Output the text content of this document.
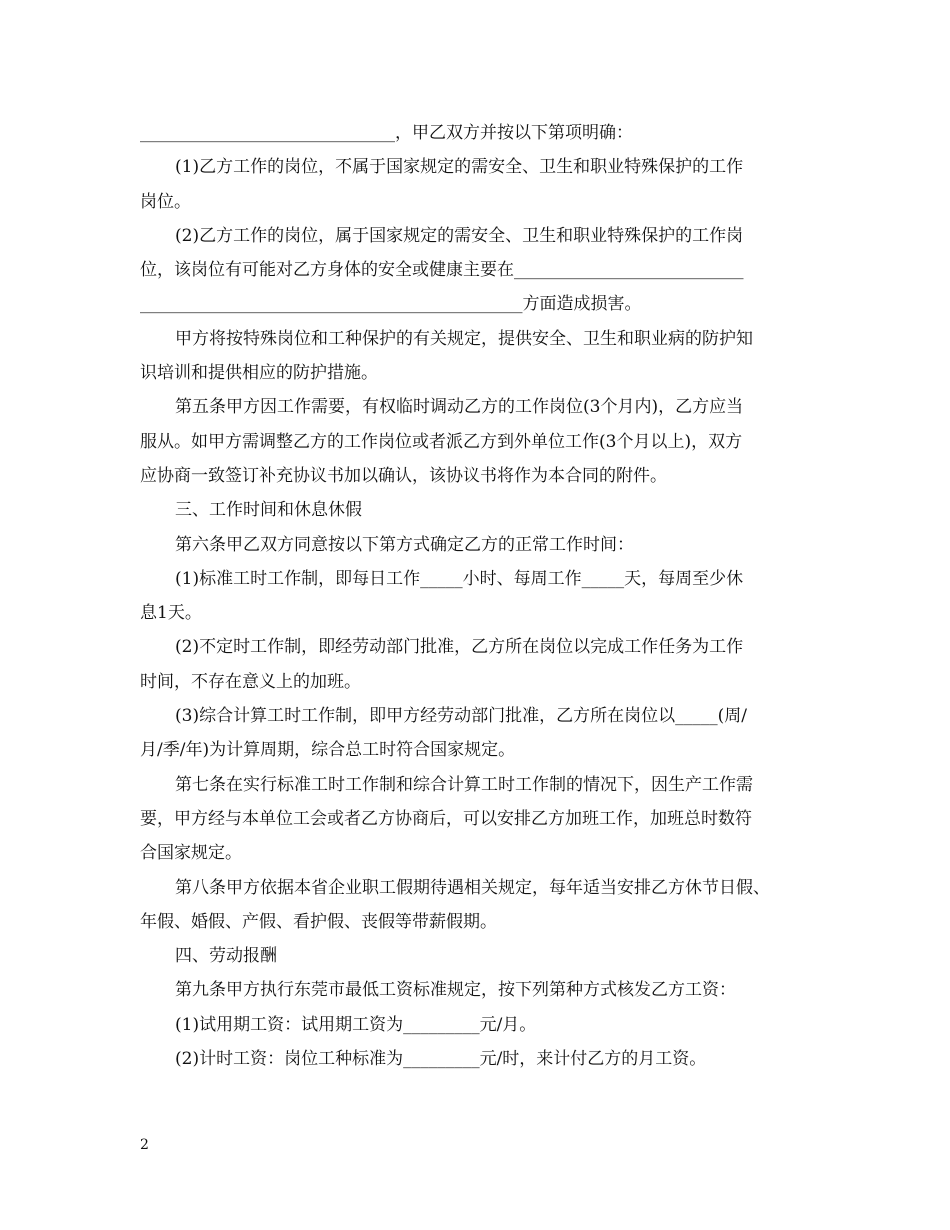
______________________________，甲乙双方并按以下第项明确：
(1)乙方工作的岗位，不属于国家规定的需安全、卫生和职业特殊保护的工作
岗位。
(2)乙方工作的岗位，属于国家规定的需安全、卫生和职业特殊保护的工作岗
位，该岗位有可能对乙方身体的安全或健康主要在___________________________
_____________________________________________方面造成损害。
甲方将按特殊岗位和工种保护的有关规定，提供安全、卫生和职业病的防护知
识培训和提供相应的防护措施。
第五条甲方因工作需要，有权临时调动乙方的工作岗位(3个月内)，乙方应当
服从。如甲方需调整乙方的工作岗位或者派乙方到外单位工作(3个月以上)，双方
应协商一致签订补充协议书加以确认，该协议书将作为本合同的附件。
三、工作时间和休息休假
第六条甲乙双方同意按以下第方式确定乙方的正常工作时间：
(1)标准工时工作制，即每日工作_____小时、每周工作_____天，每周至少休
息1天。
(2)不定时工作制，即经劳动部门批准，乙方所在岗位以完成工作任务为工作
时间，不存在意义上的加班。
(3)综合计算工时工作制，即甲方经劳动部门批准，乙方所在岗位以_____(周/
月/季/年)为计算周期，综合总工时符合国家规定。
第七条在实行标准工时工作制和综合计算工时工作制的情况下，因生产工作需
要，甲方经与本单位工会或者乙方协商后，可以安排乙方加班工作，加班总时数符
合国家规定。
第八条甲方依据本省企业职工假期待遇相关规定，每年适当安排乙方休节日假、
年假、婚假、产假、看护假、丧假等带薪假期。
四、劳动报酬
第九条甲方执行东莞市最低工资标准规定，按下列第种方式核发乙方工资：
(1)试用期工资：试用期工资为_________元/月。
(2)计时工资：岗位工种标准为_________元/时，来计付乙方的月工资。
2
